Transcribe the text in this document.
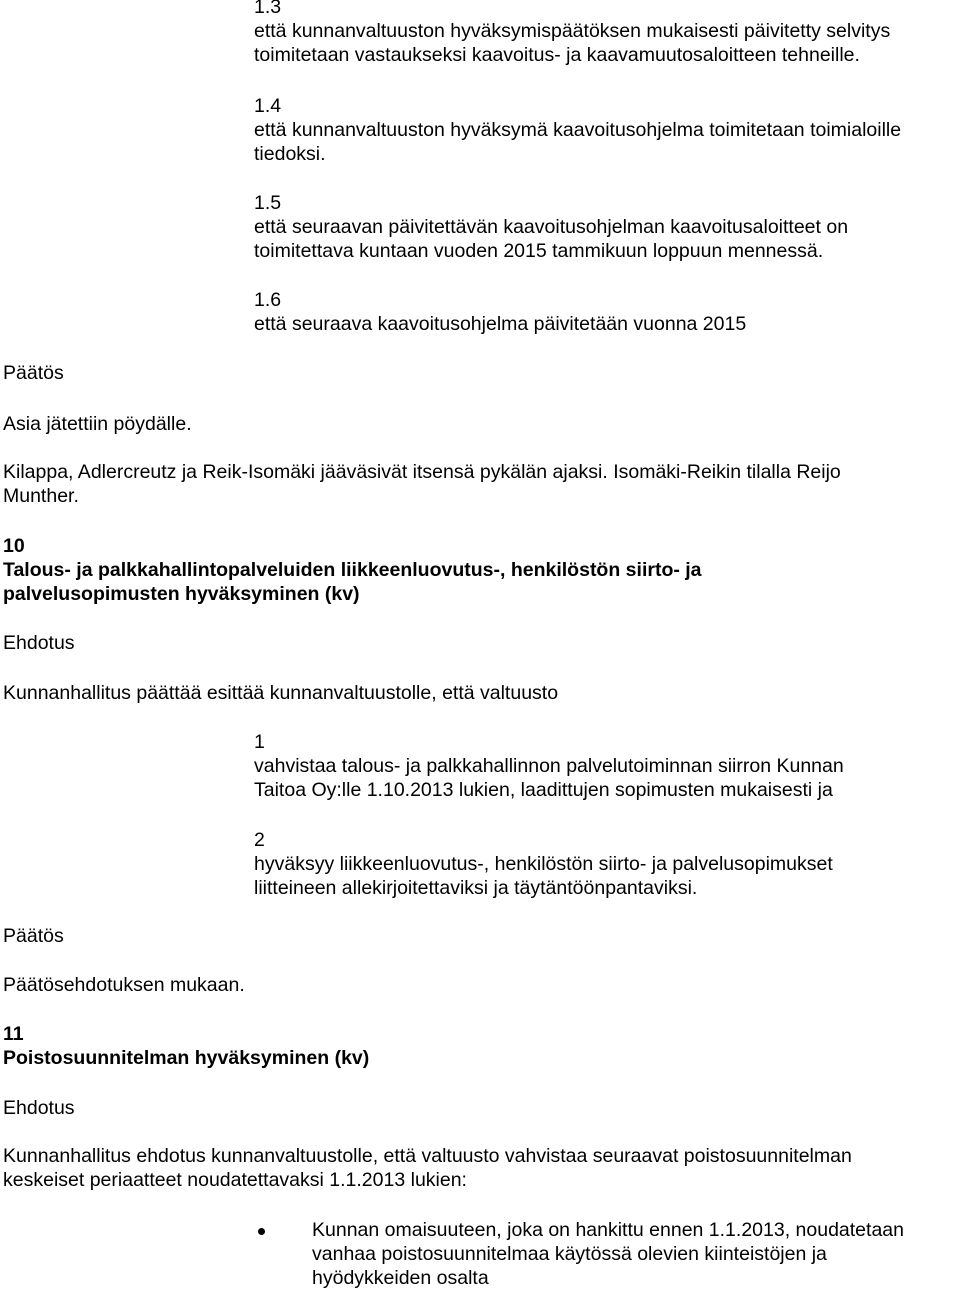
1.3
että kunnanvaltuuston hyväksymispäätöksen mukaisesti päivitetty selvitys
toimitetaan vastaukseksi kaavoitus- ja kaavamuutosaloitteen tehneille.
1.4
että kunnanvaltuuston hyväksymä kaavoitusohjelma toimitetaan toimialoille
tiedoksi.
1.5
että seuraavan päivitettävän kaavoitusohjelman kaavoitusaloitteet on
toimitettava kuntaan vuoden 2015 tammikuun loppuun mennessä.
1.6
että seuraava kaavoitusohjelma päivitetään vuonna 2015
Päätös
Asia jätettiin pöydälle.
Kilappa, Adlercreutz ja Reik-Isomäki jääväsivät itsensä pykälän ajaksi. Isomäki-Reikin tilalla Reijo
Munther.
10
Talous- ja palkkahallintopalveluiden liikkeenluovutus-, henkilöstön siirto- ja
palvelusopimusten hyväksyminen (kv)
Ehdotus
Kunnanhallitus päättää esittää kunnanvaltuustolle, että valtuusto
1
vahvistaa talous- ja palkkahallinnon palvelutoiminnan siirron Kunnan
Taitoa Oy:lle 1.10.2013 lukien, laadittujen sopimusten mukaisesti ja
2
hyväksyy liikkeenluovutus-, henkilöstön siirto- ja palvelusopimukset
liitteineen allekirjoitettaviksi ja täytäntöönpantaviksi.
Päätös
Päätösehdotuksen mukaan.
11
Poistosuunnitelman hyväksyminen (kv)
Ehdotus
Kunnanhallitus ehdotus kunnanvaltuustolle, että valtuusto vahvistaa seuraavat poistosuunnitelman
keskeiset periaatteet noudatettavaksi 1.1.2013 lukien:
Kunnan omaisuuteen, joka on hankittu ennen 1.1.2013, noudatetaan
vanhaa poistosuunnitelmaa käytössä olevien kiinteistöjen ja
hyödykkeiden osalta
